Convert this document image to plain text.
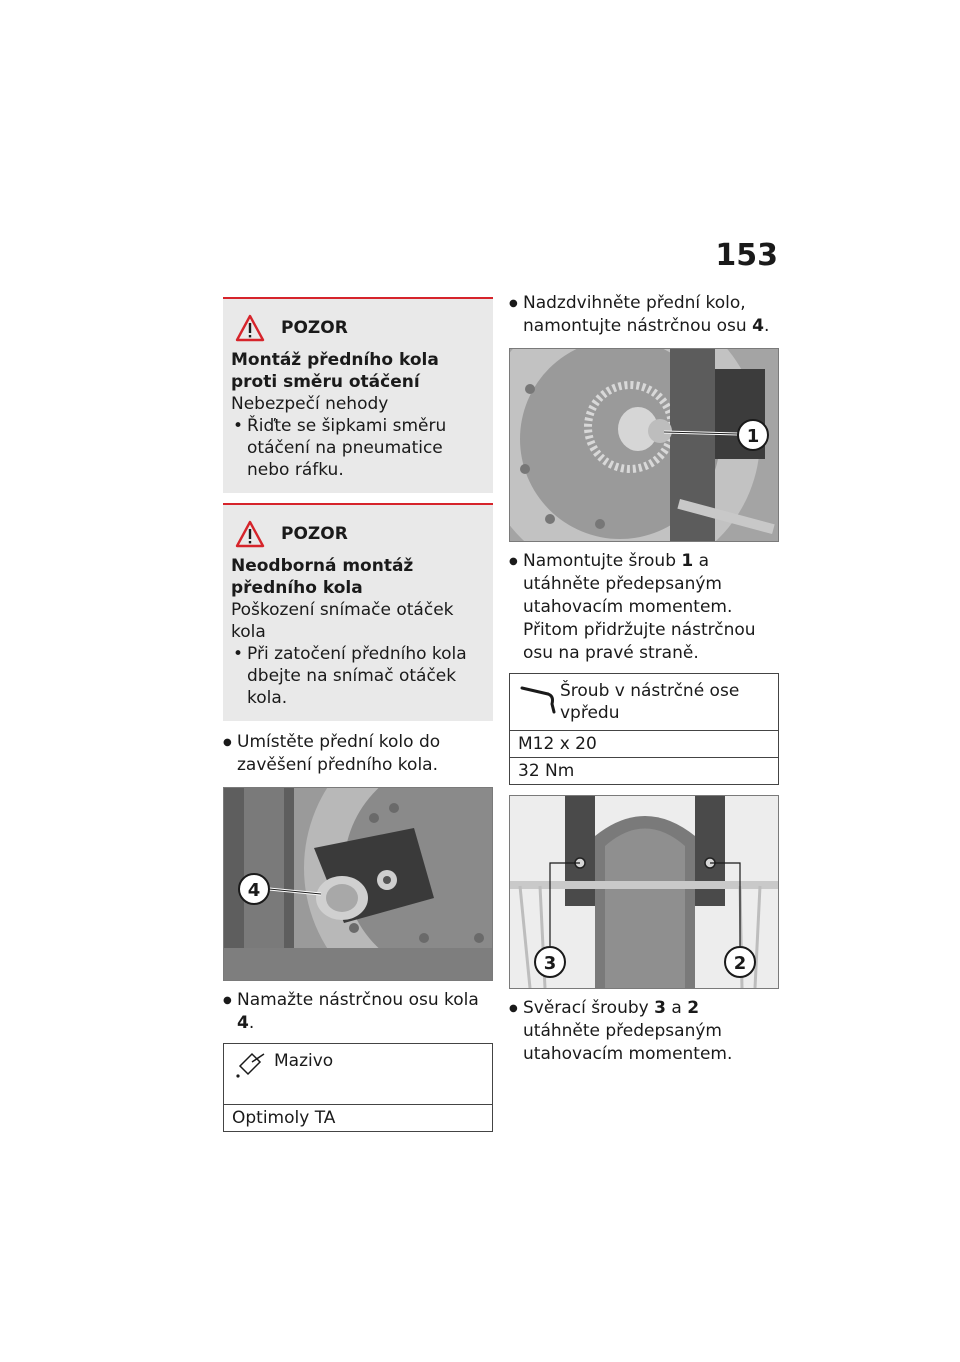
153
POZOR
Montáž předního kola proti směru otáčení
Nebezpečí nehody
• Řiďte se šipkami směru otáčení na pneumatice nebo ráfku.
POZOR
Neodborná montáž předního kola
Poškození snímače otáček kola
• Při zatočení předního kola dbejte na snímač otáček kola.
● Umístěte přední kolo do zavěšení předního kola.
4
● Namažte nástrčnou osu kola 4.
Mazivo
Optimoly TA
● Nadzdvihněte přední kolo, namontujte nástrčnou osu 4.
1
● Namontujte šroub 1 a utáhněte předepsaným utahovacím momentem. Přitom přidržujte nástrčnou osu na pravé straně.
Šroub v nástrčné ose vpředu
M12 x 20
32 Nm
3	2
● Svěrací šrouby 3 a 2 utáhněte předepsaným utahovacím momentem.
